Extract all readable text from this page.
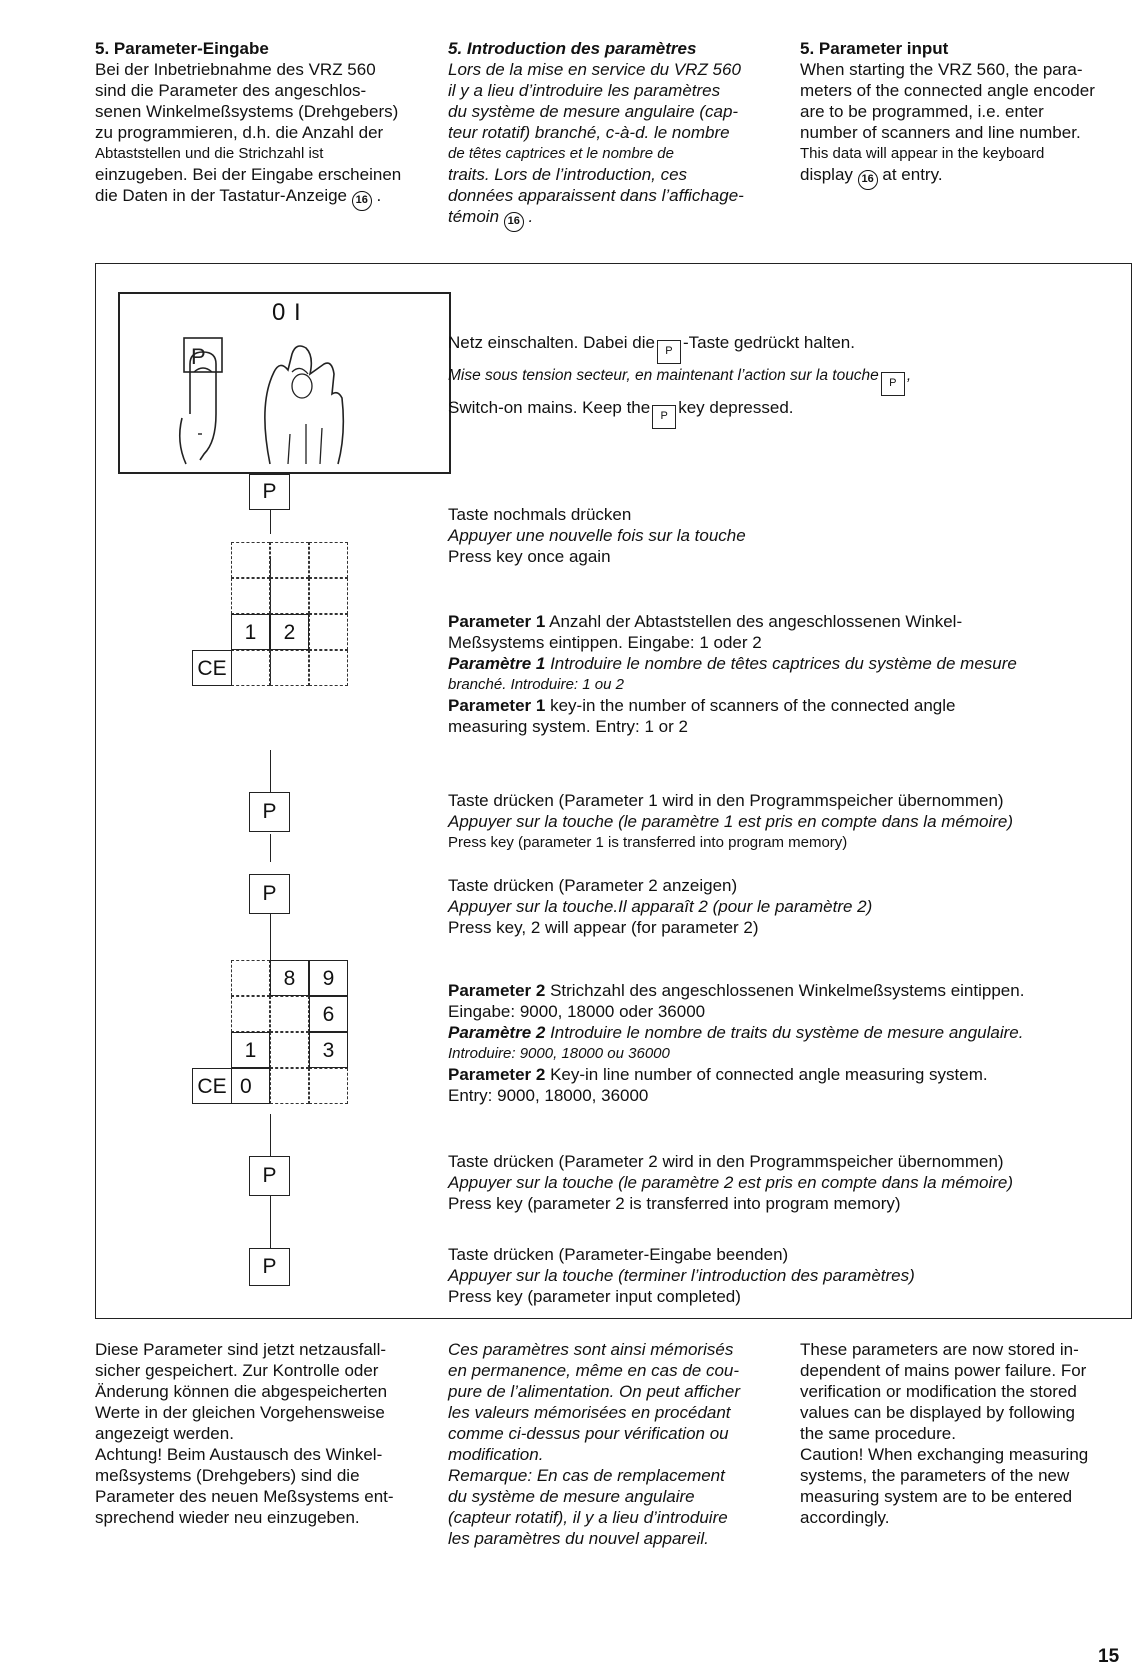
5. Parameter-Eingabe
Bei der Inbetriebnahme des VRZ 560
sind die Parameter des angeschlos-
senen Winkelmeßsystems (Drehgebers)
zu programmieren, d.h. die Anzahl der
Abtaststellen und die Strichzahl ist
einzugeben. Bei der Eingabe erscheinen
die Daten in der Tastatur-Anzeige 16 .
5. Introduction des paramètres
Lors de la mise en service du VRZ 560
il y a lieu d’introduire les paramètres
du système de mesure angulaire (cap-
teur rotatif) branché, c-à-d. le nombre
de têtes captrices et le nombre de
traits. Lors de l’introduction, ces
données apparaissent dans l’affichage-
témoin 16 .
5. Parameter input
When starting the VRZ 560, the para-
meters of the connected angle encoder
are to be programmed, i.e. enter
number of scanners and line number.
This data will appear in the keyboard
display 16 at entry.
0 I
P
P
1	2
CE
P
P
8	9
6
1	3
CE 0
P
P
Netz einschalten. Dabei die P -Taste gedrückt halten.
Mise sous tension secteur, en maintenant l’action sur la touche P ,
Switch-on mains. Keep the P key depressed.
Taste nochmals drücken
Appuyer une nouvelle fois sur la touche
Press key once again
Parameter 1 Anzahl der Abtaststellen des angeschlossenen Winkel-
Meßsystems eintippen. Eingabe: 1 oder 2
Paramètre 1 Introduire le nombre de têtes captrices du système de mesure
branché. Introduire: 1 ou 2
Parameter 1 key-in the number of scanners of the connected angle
measuring system. Entry: 1 or 2
Taste drücken (Parameter 1 wird in den Programmspeicher übernommen)
Appuyer sur la touche (le paramètre 1 est pris en compte dans la mémoire)
Press key (parameter 1 is transferred into program memory)
Taste drücken (Parameter 2 anzeigen)
Appuyer sur la touche.Il apparaît 2 (pour le paramètre 2)
Press key, 2 will appear (for parameter 2)
Parameter 2 Strichzahl des angeschlossenen Winkelmeßsystems eintippen.
Eingabe: 9000, 18000 oder 36000
Paramètre 2 Introduire le nombre de traits du système de mesure angulaire.
Introduire: 9000, 18000 ou 36000
Parameter 2 Key-in line number of connected angle measuring system.
Entry: 9000, 18000, 36000
Taste drücken (Parameter 2 wird in den Programmspeicher übernommen)
Appuyer sur la touche (le paramètre 2 est pris en compte dans la mémoire)
Press key (parameter 2 is transferred into program memory)
Taste drücken (Parameter-Eingabe beenden)
Appuyer sur la touche (terminer l’introduction des paramètres)
Press key (parameter input completed)
Diese Parameter sind jetzt netzausfall-
sicher gespeichert. Zur Kontrolle oder
Änderung können die abgespeicherten
Werte in der gleichen Vorgehensweise
angezeigt werden.
Achtung! Beim Austausch des Winkel-
meßsystems (Drehgebers) sind die
Parameter des neuen Meßsystems ent-
sprechend wieder neu einzugeben.
Ces paramètres sont ainsi mémorisés
en permanence, même en cas de cou-
pure de l’alimentation. On peut afficher
les valeurs mémorisées en procédant
comme ci-dessus pour vérification ou
modification.
Remarque: En cas de remplacement
du système de mesure angulaire
(capteur rotatif), il y a lieu d’introduire
les paramètres du nouvel appareil.
These parameters are now stored in-
dependent of mains power failure. For
verification or modification the stored
values can be displayed by following
the same procedure.
Caution! When exchanging measuring
systems, the parameters of the new
measuring system are to be entered
accordingly.
15
